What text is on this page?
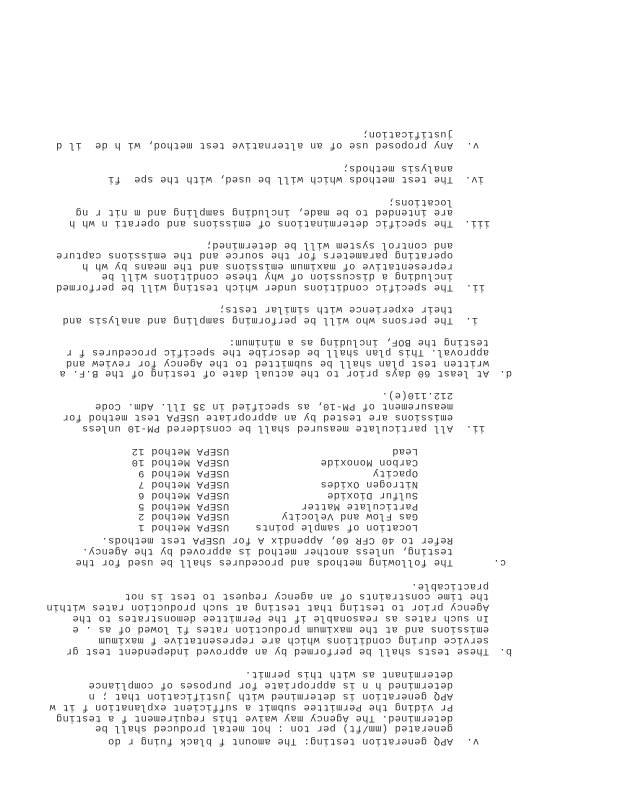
v.
APQ generation testing: The amount f black fuing r do
generated (mm/ft) per ton : hot metal produced shall be
determined. The Agency may waive this requirement f a testing
Pr viding the Permittee submit a sufficient explanation f it w
APQ generation is determined with justification that ; n
determined h n is appropriate for purposes of compliance
determinant as with this permit.
b.
These tests shall be performed by an approved independent test gr
service during conditions which are representative f maximum
emissions and at the maximum production rates fi lowed of as . e
In such rates as reasonable if the Permittee demonstrates to the
Agency prior to testing that testing at such production rates within
the time constraints of an agency request to test is not
practicable.
c.
The following methods and procedures shall be used for the
testing, unless another method is approved by the Agency.
Refer to 40 CFR 60, Appendix A for USEPA test methods.
Location of sample points    USEPA Method 1
Gas Flow and Velocity        USEPA Method 2
Particulate Matter           USEPA Method 5
Sulfur Dioxide               USEPA Method 6
Nitrogen Oxides              USEPA Method 7
Opacity                      USEPA Method 9
Carbon Monoxide              USEPA Method 10
Lead                         USEPA Method 12
ii.
All particulate measured shall be considered PM-10 unless
emissions are tested by an appropriate USEPA test method for
measurement of PM-10, as specified in 35 Ill. Adm. Code
212.110(e).
d.
At least 60 days prior to the actual date of testing of the B.F. a
written test plan shall be submitted to the Agency for review and
approval. This plan shall be describe the specific procedures f r
testing the BOF, including as a minimum:
i.
The persons who will be performing sampling and analysis and
their experience with similar tests;
ii.
The specific conditions under which testing will be performed
including a discussion of why these conditions will be
representative of maximum emissions and the means by wh h
operating parameters for the source and the emissions capture
and control system will be determined;
iii.
The specific determinations of emissions and operati n wh h
are intended to be made, including sampling and m nit r ng
locations;
iv.
The test methods which will be used, with the spe  fi
analysis methods;
v.
Any proposed use of an alternative test method, wi h de  il d
justification;
